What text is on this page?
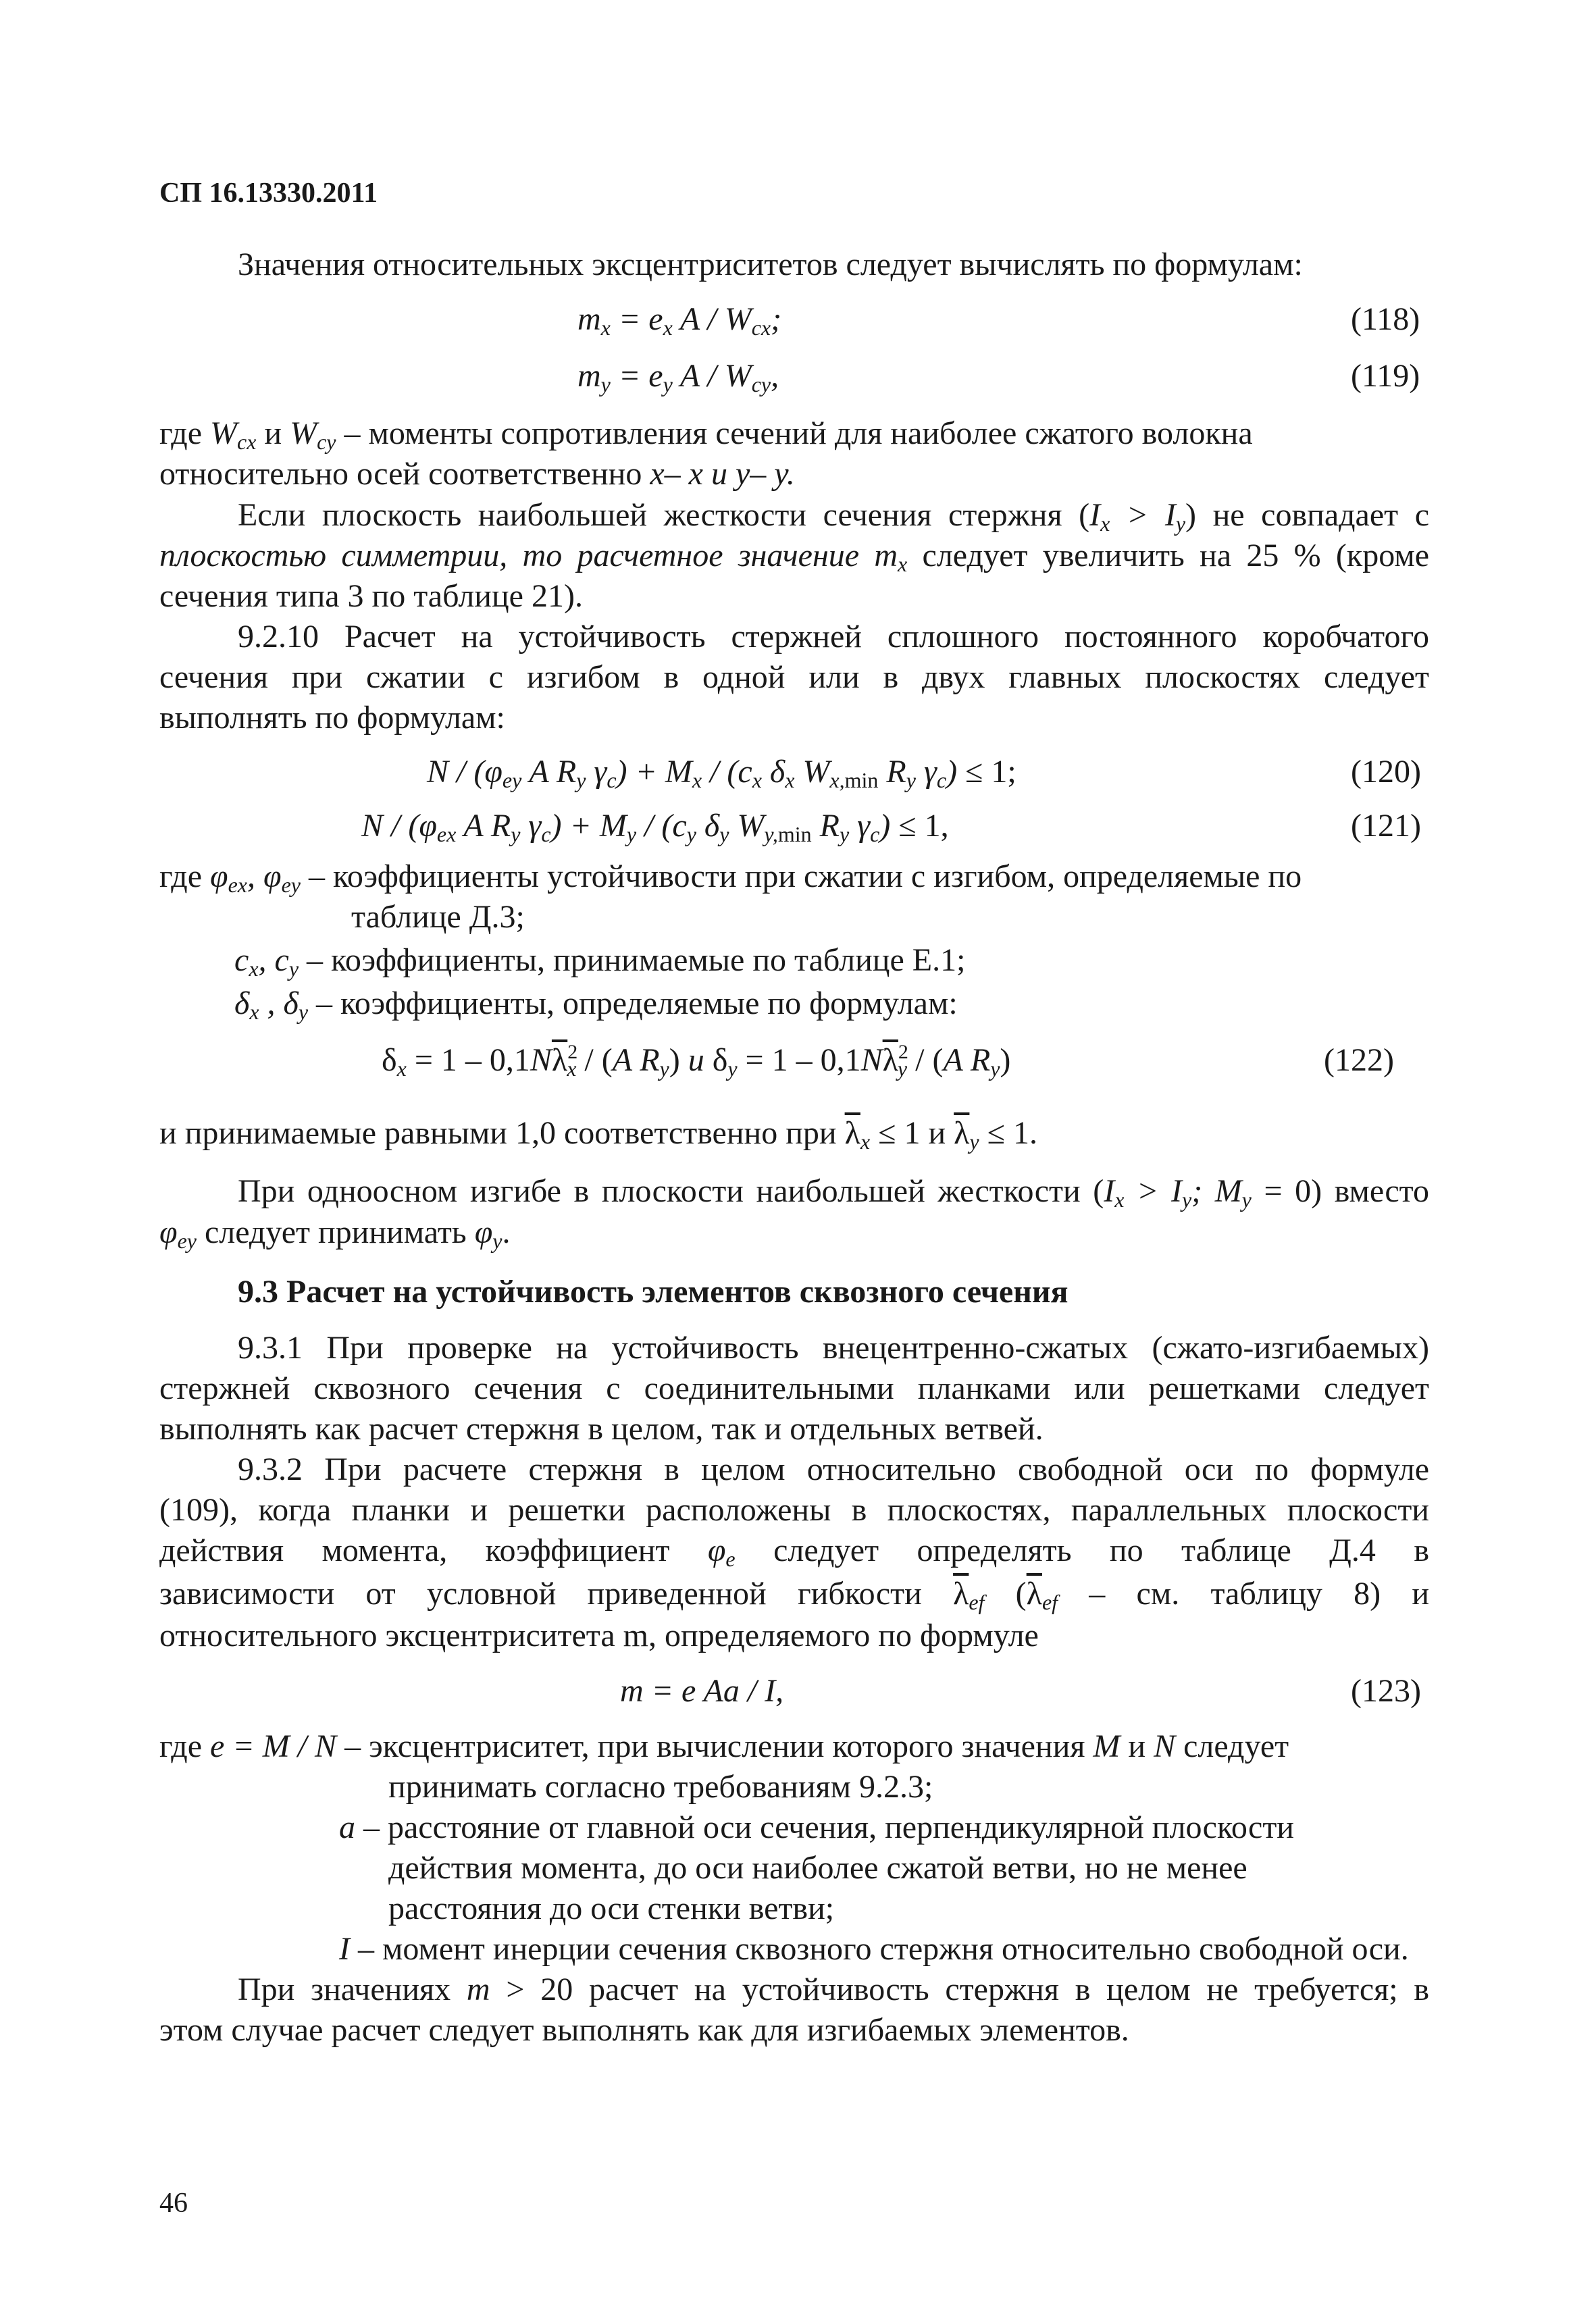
СП 16.13330.2011
Значения относительных эксцентриситетов следует вычислять по формулам:
$m_x = e_x$ A / $W_{cx}$;	(118)
$m_y = e_y$ A / $W_{cy}$,	(119)
где $W_{cx}$ и $W_{cy}$ – моменты сопротивления сечений для наиболее сжатого волокна
относительно осей соответственно x– x и y– y.
Если плоскость наибольшей жесткости сечения стержня $(I_x > I_y)$ не совпадает с
плоскостью симметрии, то расчетное значение $m_x$ следует увеличить на 25 % (кроме
сечения типа 3 по таблице 21).
9.2.10 Расчет на устойчивость стержней сплошного постоянного коробчатого
сечения при сжатии с изгибом в одной или в двух главных плоскостях следует
выполнять по формулам:
N / ($\varphi_{ey}$ A $R_y$ $\gamma_c) + M_x / (c_x$ $\delta_x$ $W_{x,min}$ $R_y$ $\gamma_c) \le 1$;	(120)
N / ($\varphi_{ex}$ A $R_y$ $\gamma_c) + M_y / (c_y$ $\delta_y$ $W_{y,min}$ $R_y$ $\gamma_c) \le 1$,	(121)
где $\varphi_{ex}$, $\varphi_{ey}$ – коэффициенты устойчивости при сжатии с изгибом, определяемые по
таблице Д.3;
$c_x$, $c_y$ – коэффициенты, принимаемые по таблице Е.1;
$\delta_x$ , $\delta_y$ – коэффициенты, определяемые по формулам:
$\delta_x = 1 - 0,1N\overline{\lambda}^2_x / (A$ $R_y$) и $\delta_y = 1 - 0,1N\overline{\lambda}^2_y / (A$ $R_y$)	(122)
и принимаемые равными 1,0 соответственно при $\overline{\lambda}_x \le 1$ и $\overline{\lambda}_y \le 1$.
При одноосном изгибе в плоскости наибольшей жесткости ($I_x > I_y$; $M_y = 0$) вместо
$\varphi_{ey}$ следует принимать $\varphi_y$.
9.3 Расчет на устойчивость элементов сквозного сечения
9.3.1 При проверке на устойчивость внецентренно-сжатых (сжато-изгибаемых)
стержней сквозного сечения с соединительными планками или решетками следует
выполнять как расчет стержня в целом, так и отдельных ветвей.
9.3.2 При расчете стержня в целом относительно свободной оси по формуле
(109), когда планки и решетки расположены в плоскостях, параллельных плоскости
действия момента, коэффициент $\varphi_e$ следует определять по таблице Д.4 в
зависимости от условной приведенной гибкости $\overline{\lambda}_{ef}$ ($\overline{\lambda}_{ef}$ – см. таблицу 8) и
относительного эксцентриситета m, определяемого по формуле
m = e Aa / I,	(123)
где e = M / N – эксцентриситет, при вычислении которого значения M и N следует
принимать согласно требованиям 9.2.3;
a – расстояние от главной оси сечения, перпендикулярной плоскости
действия момента, до оси наиболее сжатой ветви, но не менее
расстояния до оси стенки ветви;
I – момент инерции сечения сквозного стержня относительно свободной оси.
При значениях m > 20 расчет на устойчивость стержня в целом не требуется; в
этом случае расчет следует выполнять как для изгибаемых элементов.
46
